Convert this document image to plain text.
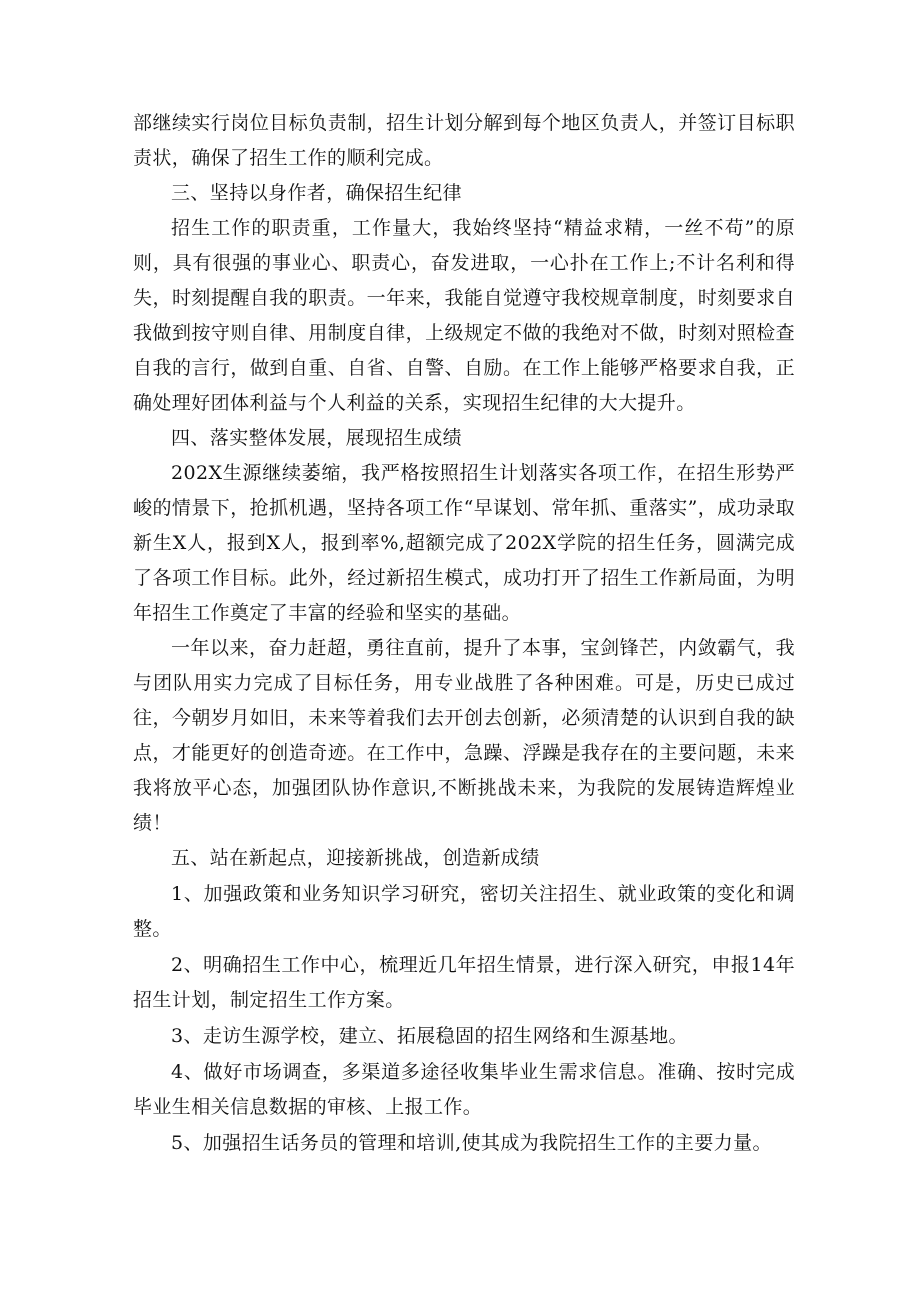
部继续实行岗位目标负责制，招生计划分解到每个地区负责人，并签订目标职责状，确保了招生工作的顺利完成。

三、坚持以身作者，确保招生纪律

招生工作的职责重，工作量大，我始终坚持“精益求精，一丝不苟”的原则，具有很强的事业心、职责心，奋发进取，一心扑在工作上;不计名利和得失，时刻提醒自我的职责。一年来，我能自觉遵守我校规章制度，时刻要求自我做到按守则自律、用制度自律，上级规定不做的我绝对不做，时刻对照检查自我的言行，做到自重、自省、自警、自励。在工作上能够严格要求自我，正确处理好团体利益与个人利益的关系，实现招生纪律的大大提升。

四、落实整体发展，展现招生成绩

202X生源继续萎缩，我严格按照招生计划落实各项工作，在招生形势严峻的情景下，抢抓机遇，坚持各项工作“早谋划、常年抓、重落实”，成功录取新生X人，报到X人，报到率%,超额完成了202X学院的招生任务，圆满完成了各项工作目标。此外，经过新招生模式，成功打开了招生工作新局面，为明年招生工作奠定了丰富的经验和坚实的基础。

一年以来，奋力赶超，勇往直前，提升了本事，宝剑锋芒，内敛霸气，我与团队用实力完成了目标任务，用专业战胜了各种困难。可是，历史已成过往，今朝岁月如旧，未来等着我们去开创去创新，必须清楚的认识到自我的缺点，才能更好的创造奇迹。在工作中，急躁、浮躁是我存在的主要问题，未来我将放平心态，加强团队协作意识,不断挑战未来，为我院的发展铸造辉煌业绩！

五、站在新起点，迎接新挑战，创造新成绩

1、加强政策和业务知识学习研究，密切关注招生、就业政策的变化和调整。

2、明确招生工作中心，梳理近几年招生情景，进行深入研究，申报14年招生计划，制定招生工作方案。

3、走访生源学校，建立、拓展稳固的招生网络和生源基地。

4、做好市场调查，多渠道多途径收集毕业生需求信息。准确、按时完成毕业生相关信息数据的审核、上报工作。

5、加强招生话务员的管理和培训,使其成为我院招生工作的主要力量。
